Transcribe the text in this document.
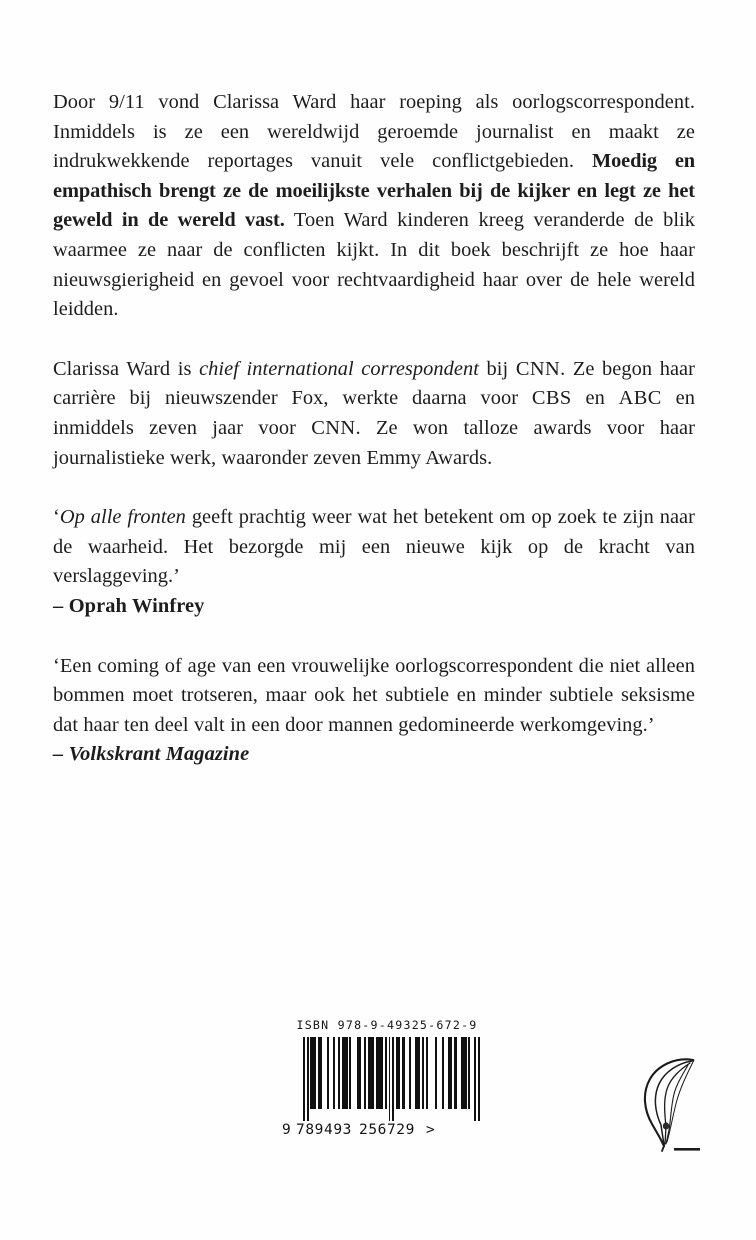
Door 9/11 vond Clarissa Ward haar roeping als oorlogscorrespondent. Inmiddels is ze een wereldwijd geroemde journalist en maakt ze indrukwekkende reportages vanuit vele conflictgebieden. Moedig en empathisch brengt ze de moeilijkste verhalen bij de kijker en legt ze het geweld in de wereld vast. Toen Ward kinderen kreeg veranderde de blik waarmee ze naar de conflicten kijkt. In dit boek beschrijft ze hoe haar nieuwsgierigheid en gevoel voor rechtvaardigheid haar over de hele wereld leidden.

Clarissa Ward is chief international correspondent bij CNN. Ze begon haar carrière bij nieuwszender Fox, werkte daarna voor CBS en ABC en inmiddels zeven jaar voor CNN. Ze won talloze awards voor haar journalistieke werk, waaronder zeven Emmy Awards.

‘Op alle fronten geeft prachtig weer wat het betekent om op zoek te zijn naar de waarheid. Het bezorgde mij een nieuwe kijk op de kracht van verslaggeving.’
– Oprah Winfrey

‘Een coming of age van een vrouwelijke oorlogscorrespondent die niet alleen bommen moet trotseren, maar ook het subtiele en minder subtiele seksisme dat haar ten deel valt in een door mannen gedomineerde werkomgeving.’
– Volkskrant Magazine

ISBN 978-9-49325-672-9

9 789493 256729 >
